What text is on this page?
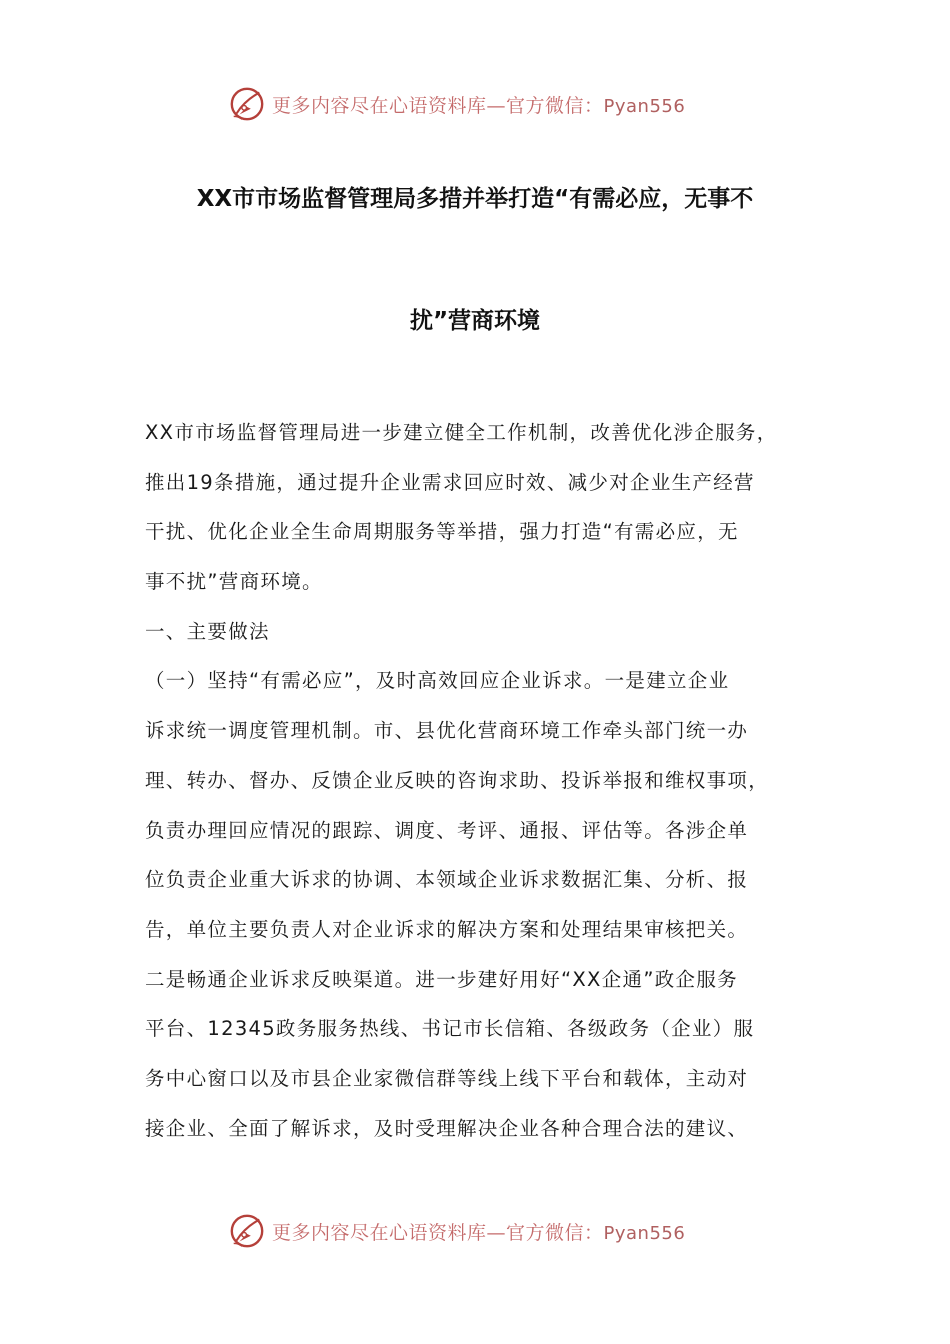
更多内容尽在心语资料库—官方微信：Pyan556
XX市市场监督管理局多措并举打造“有需必应，无事不
扰”营商环境
XX市市场监督管理局进一步建立健全工作机制，改善优化涉企服务，
推出19条措施，通过提升企业需求回应时效、减少对企业生产经营
干扰、优化企业全生命周期服务等举措，强力打造“有需必应，无
事不扰”营商环境。
一、主要做法
（一）坚持“有需必应”，及时高效回应企业诉求。一是建立企业
诉求统一调度管理机制。市、县优化营商环境工作牵头部门统一办
理、转办、督办、反馈企业反映的咨询求助、投诉举报和维权事项，
负责办理回应情况的跟踪、调度、考评、通报、评估等。各涉企单
位负责企业重大诉求的协调、本领域企业诉求数据汇集、分析、报
告，单位主要负责人对企业诉求的解决方案和处理结果审核把关。
二是畅通企业诉求反映渠道。进一步建好用好“XX企通”政企服务
平台、12345政务服务热线、书记市长信箱、各级政务（企业）服
务中心窗口以及市县企业家微信群等线上线下平台和载体，主动对
接企业、全面了解诉求，及时受理解决企业各种合理合法的建议、
更多内容尽在心语资料库—官方微信：Pyan556
